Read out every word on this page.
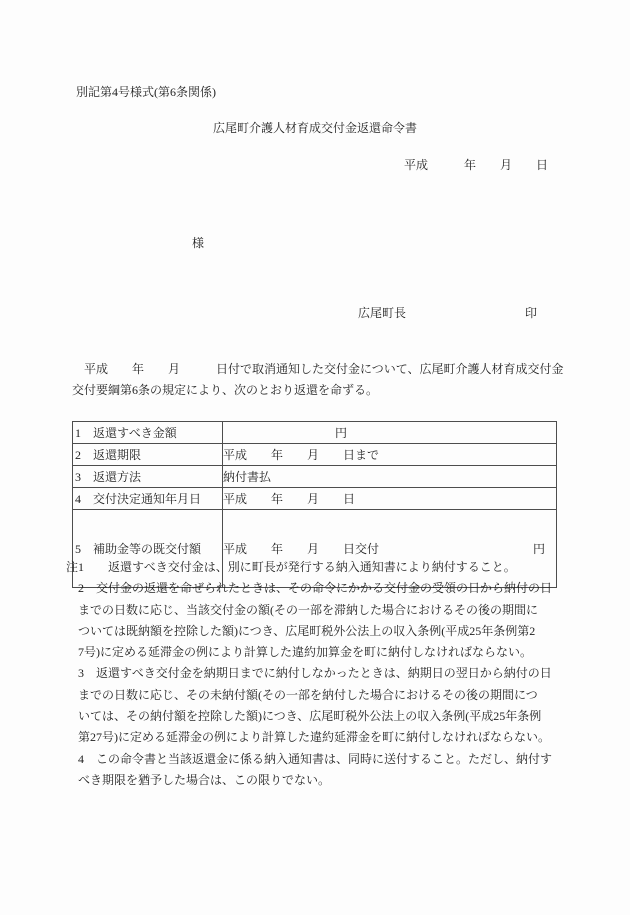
別記第4号様式(第6条関係)
広尾町介護人材育成交付金返還命令書
平成　　　年　　月　　日
様
広尾町長	印
　平成　　年　　月　　　日付で取消通知した交付金について、広尾町介護人材育成交付金
交付要綱第6条の規定により、次のとおり返還を命ずる。
1 返還すべき金額	円
2 返還期限	平成　　年　　月　　日まで
3 返還方法	納付書払
4 交付決定通知年月日	平成　　年　　月　　日
5 補助金等の既交付額	平成　　年　　月　　日交付 円

注1　　返還すべき交付金は、別に町長が発行する納入通知書により納付すること。
2　交付金の返還を命ぜられたときは、その命令にかかる交付金の受領の日から納付の日
までの日数に応じ、当該交付金の額(その一部を滞納した場合におけるその後の期間に
ついては既納額を控除した額)につき、広尾町税外公法上の収入条例(平成25年条例第2
7号)に定める延滞金の例により計算した違約加算金を町に納付しなければならない。
3　返還すべき交付金を納期日までに納付しなかったときは、納期日の翌日から納付の日
までの日数に応じ、その未納付額(その一部を納付した場合におけるその後の期間につ
いては、その納付額を控除した額)につき、広尾町税外公法上の収入条例(平成25年条例
第27号)に定める延滞金の例により計算した違約延滞金を町に納付しなければならない。
4　この命令書と当該返還金に係る納入通知書は、同時に送付すること。ただし、納付す
べき期限を猶予した場合は、この限りでない。
